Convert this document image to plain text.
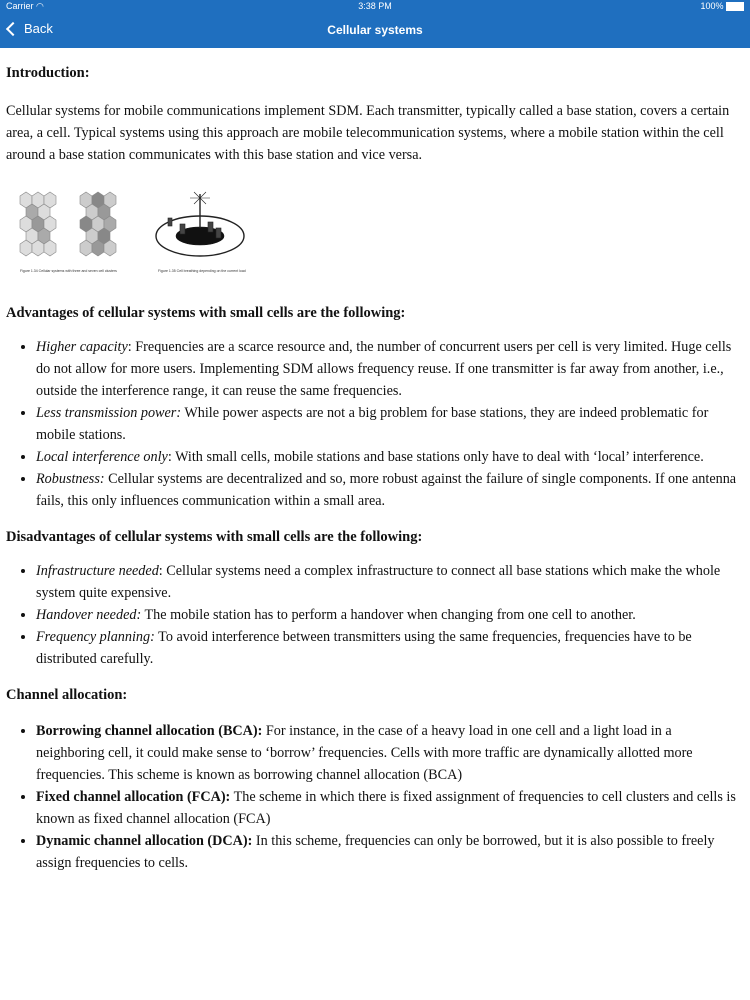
Carrier ◠	3:38 PM	100%
Back	Cellular systems
Introduction:

Cellular systems for mobile communications implement SDM. Each transmitter, typically called a base station, covers a certain area, a cell. Typical systems using this approach are mobile telecommunication systems, where a mobile station within the cell around a base station communicates with this base station and vice versa.

Figure 1.34 Cellular systems with three and seven cell clusters	Figure 1.35 Cell breathing depending on the current load
Advantages of cellular systems with small cells are the following:
• Higher capacity: Frequencies are a scarce resource and, the number of concurrent users per cell is very limited. Huge cells do not allow for more users. Implementing SDM allows frequency reuse. If one transmitter is far away from another, i.e., outside the interference range, it can reuse the same frequencies.
• Less transmission power: While power aspects are not a big problem for base stations, they are indeed problematic for mobile stations.
• Local interference only: With small cells, mobile stations and base stations only have to deal with ‘local’ interference.
• Robustness: Cellular systems are decentralized and so, more robust against the failure of single components. If one antenna fails, this only influences communication within a small area.
Disadvantages of cellular systems with small cells are the following:
• Infrastructure needed: Cellular systems need a complex infrastructure to connect all base stations which make the whole system quite expensive.
• Handover needed: The mobile station has to perform a handover when changing from one cell to another.
• Frequency planning: To avoid interference between transmitters using the same frequencies, frequencies have to be distributed carefully.
Channel allocation:
• Borrowing channel allocation (BCA): For instance, in the case of a heavy load in one cell and a light load in a neighboring cell, it could make sense to ‘borrow’ frequencies. Cells with more traffic are dynamically allotted more frequencies. This scheme is known as borrowing channel allocation (BCA)
• Fixed channel allocation (FCA): The scheme in which there is fixed assignment of frequencies to cell clusters and cells is known as fixed channel allocation (FCA)
• Dynamic channel allocation (DCA): In this scheme, frequencies can only be borrowed, but it is also possible to freely assign frequencies to cells.
